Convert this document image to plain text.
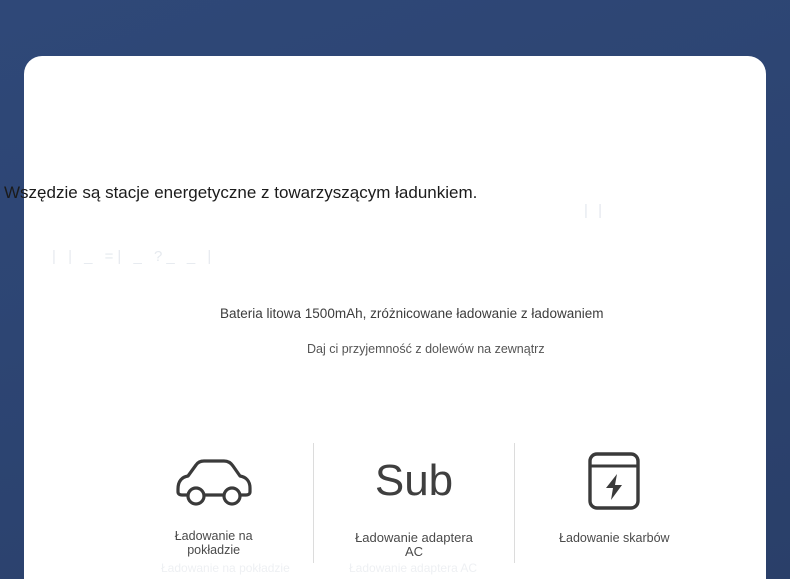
| |
| | _ =| _ ?_ _ |
Bateria litowa 1500mAh, zróżnicowane ładowanie z ładowaniem
Daj ci przyjemność z dolewów na zewnątrz
Ładowanie na pokładzie
Sub
Ładowanie adaptera AC
Ładowanie skarbów
Ładowanie na pokładzie	Ładowanie adaptera AC
Wszędzie są stacje energetyczne z towarzyszącym ładunkiem.
